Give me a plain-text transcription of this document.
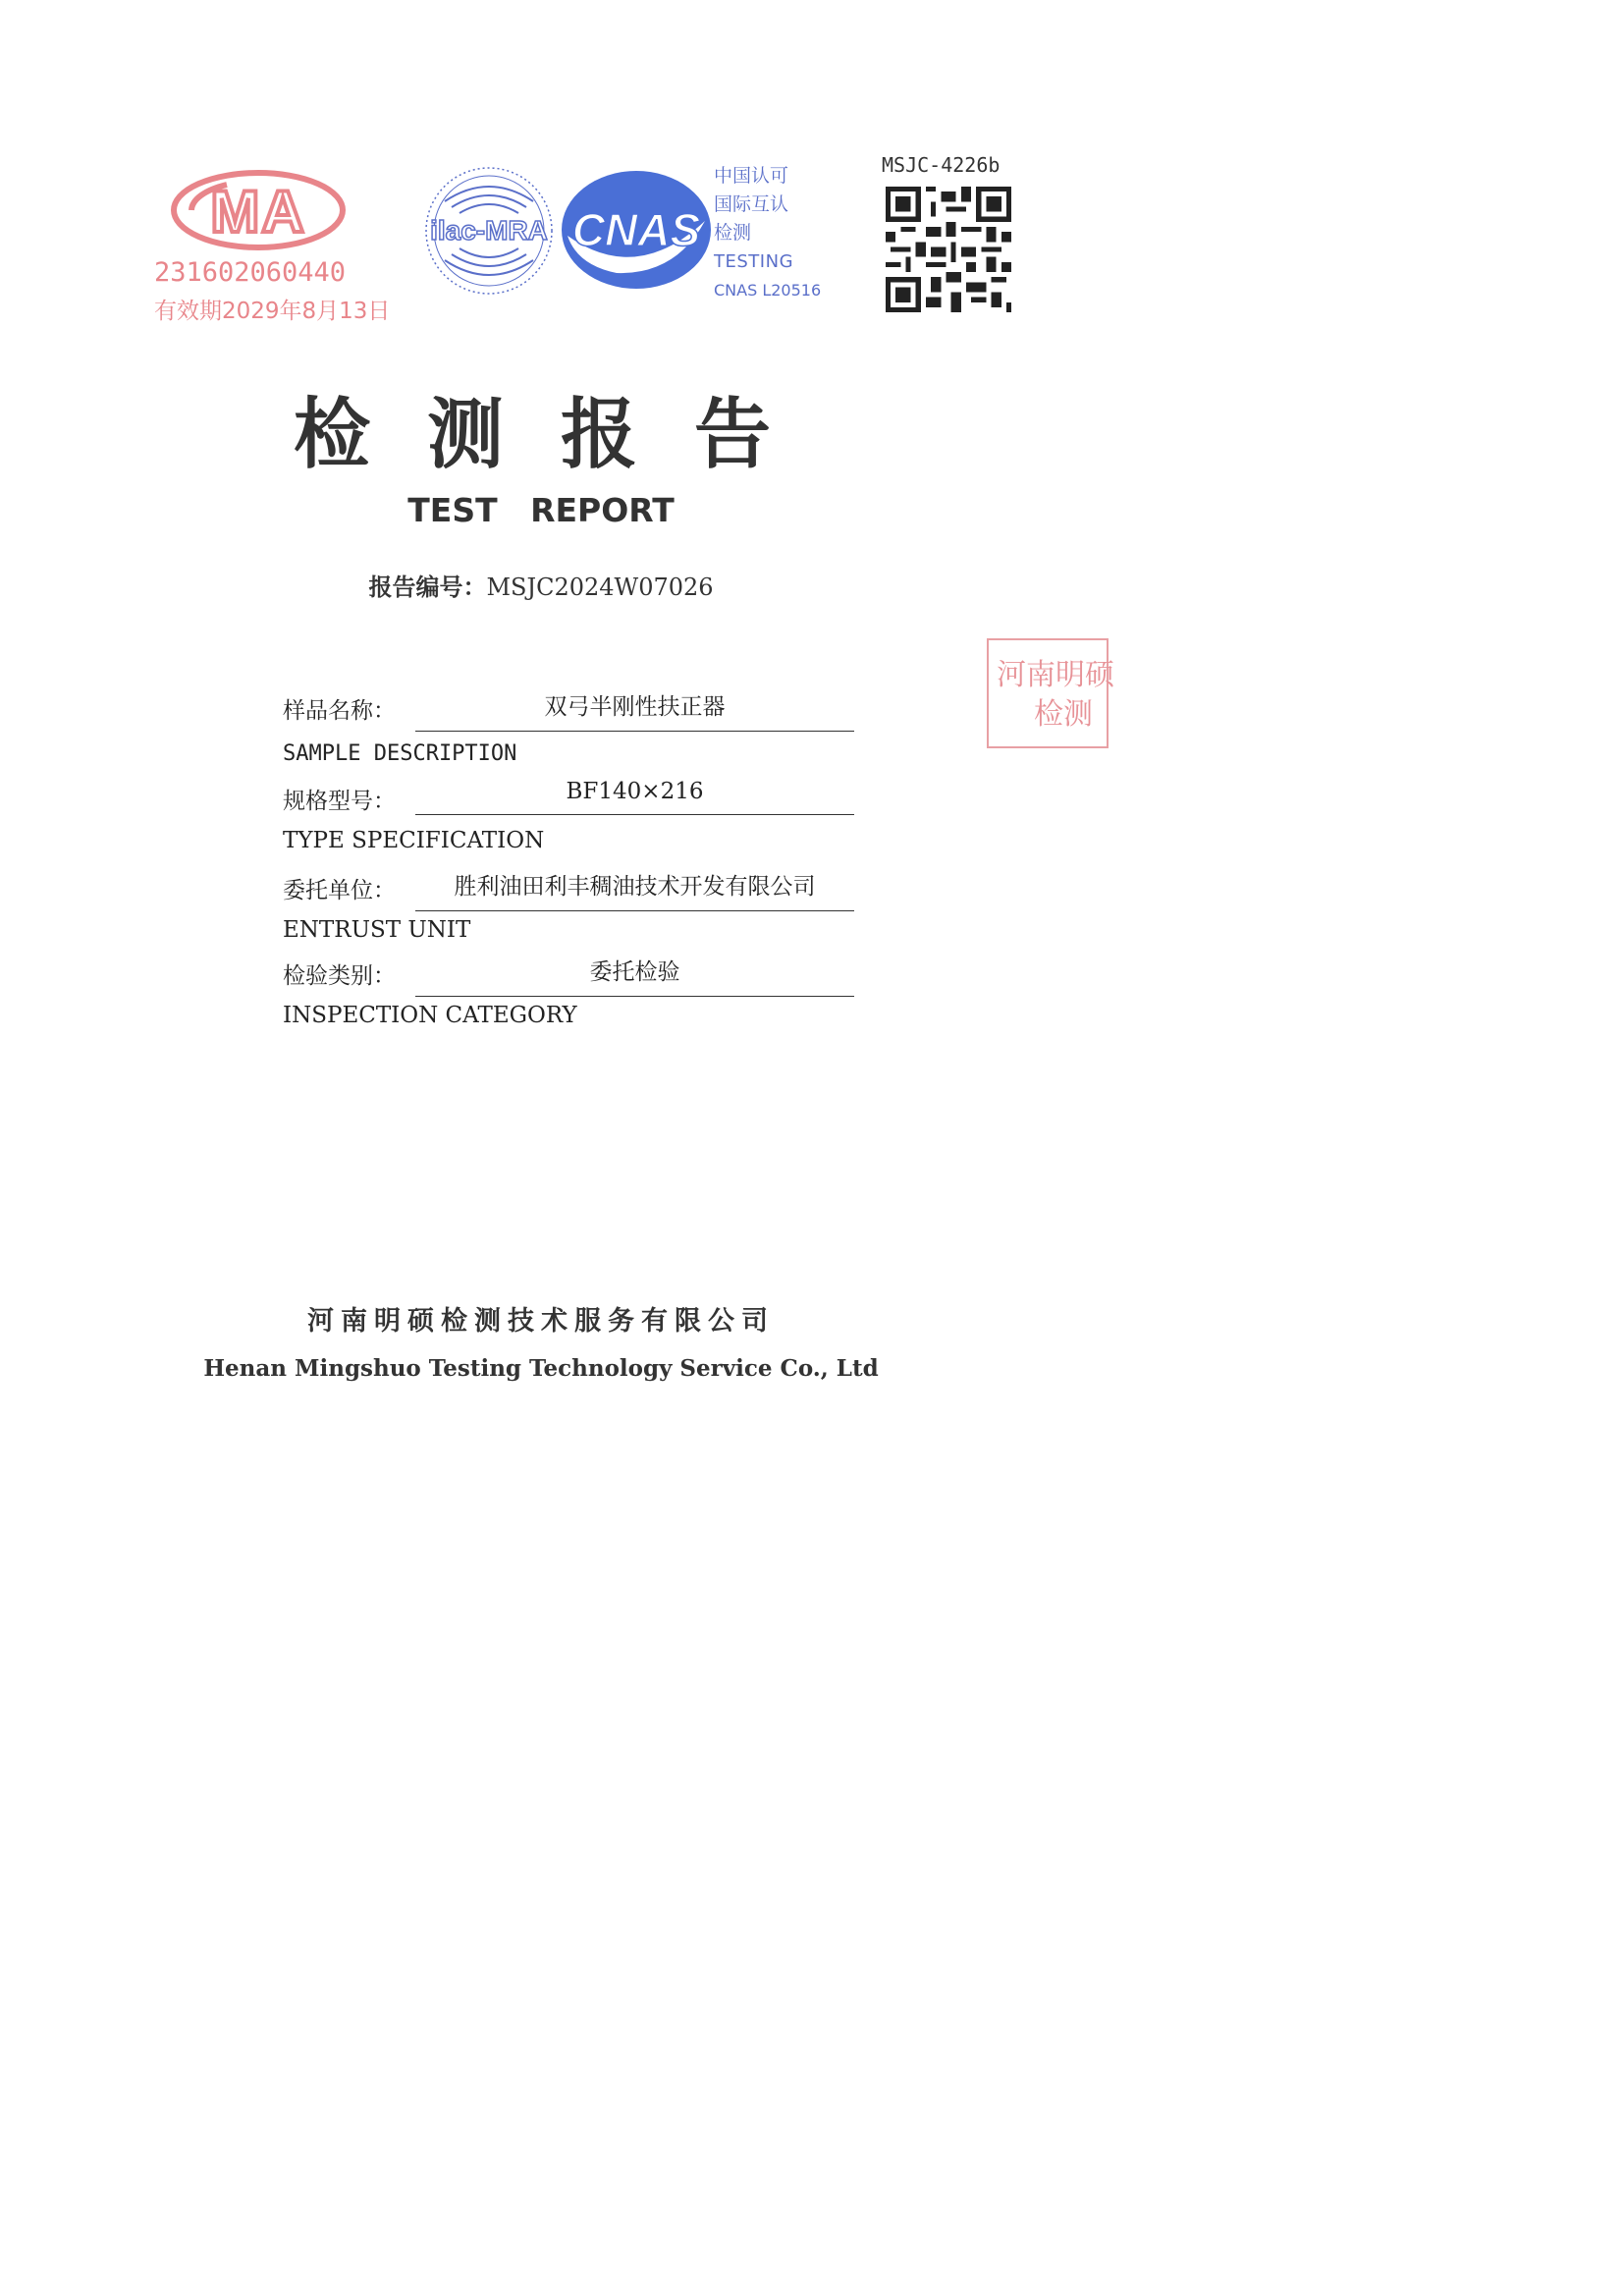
MA
231602060440
有效期2029年8月13日
ilac-MRA CNAS
中国认可
国际互认
检测
TESTING
CNAS L20516
MSJC-4226b
检测报告
TEST REPORT
报告编号：MSJC2024W07026
河南明硕
检测
样品名称：	双弓半刚性扶正器
SAMPLE DESCRIPTION
规格型号：	BF140×216
TYPE SPECIFICATION
委托单位：	胜利油田利丰稠油技术开发有限公司
ENTRUST UNIT
检验类别：	委托检验
INSPECTION CATEGORY
河南明硕检测技术服务有限公司
Henan Mingshuo Testing Technology Service Co., Ltd
